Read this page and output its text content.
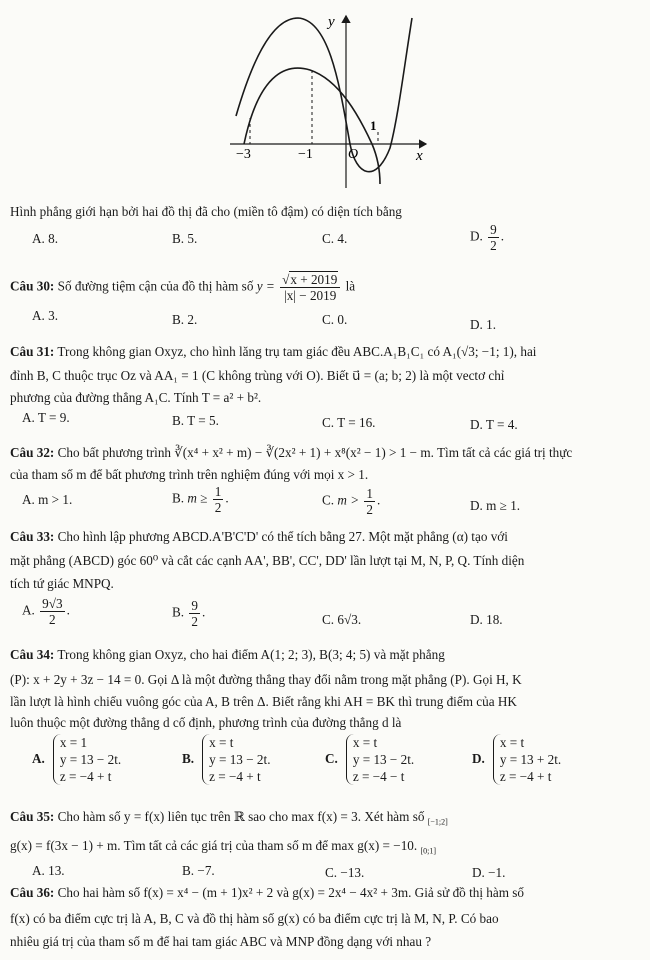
y
x
O
−3	−1
1
Hình phẳng giới hạn bởi hai đồ thị đã cho (miền tô đậm) có diện tích bằng
A. 8.	B. 5.	C. 4.	D. $\frac{9}{2}$ .
Câu 30: Số đường tiệm cận của đồ thị hàm số $y = \frac{√x + 2019}{|x| - 2019}$ là
A. 3.	B. 2.	C. 0.	D. 1.
Câu 31: Trong không gian Oxyz, cho hình lăng trụ tam giác đều ABC.A₁B₁C₁ có A₁(√3; −1; 1), hai
đỉnh B, C thuộc trục Oz và AA₁ = 1 (C không trùng với O). Biết u⃗ = (a; b; 2) là một vectơ chỉ
phương của đường thẳng A₁C. Tính T = a² + b².
A. T = 9.	B. T = 5.	C. T = 16.	D. T = 4.
Câu 32: Cho bất phương trình ∛(x⁴ + x² + m) − ∛(2x² + 1) + x⁸(x² − 1) > 1 − m. Tìm tất cả các giá trị thực
của tham số m để bất phương trình trên nghiệm đúng với mọi x > 1.
A. m > 1.	B. $m \ge \frac{1}{2}$ .	C. $m > \frac{1}{2}$ .	D. m ≥ 1.
Câu 33: Cho hình lập phương ABCD.A'B'C'D' có thể tích bằng 27. Một mặt phẳng (α) tạo với
mặt phẳng (ABCD) góc 60⁰ và cắt các cạnh AA', BB', CC', DD' lần lượt tại M, N, P, Q. Tính diện
tích tứ giác MNPQ.
A. $\frac{9√3}{2}$ .	B. $\frac{9}{2}$ .	C. 6√3.	D. 18.
Câu 34: Trong không gian Oxyz, cho hai điểm A(1; 2; 3), B(3; 4; 5) và mặt phẳng
(P): x + 2y + 3z − 14 = 0. Gọi Δ là một đường thẳng thay đổi nằm trong mặt phẳng (P). Gọi H, K
lần lượt là hình chiếu vuông góc của A, B trên Δ. Biết rằng khi AH = BK thì trung điểm của HK
luôn thuộc một đường thẳng d cố định, phương trình của đường thẳng d là
A.
x = 1
y = 13 − 2t.
z = −4 + t
B.
x = t
y = 13 − 2t.
z = −4 + t
C.
x = t
y = 13 − 2t.
z = −4 − t
D.
x = t
y = 13 + 2t.
z = −4 + t
Câu 35: Cho hàm số y = f(x) liên tục trên ℝ sao cho max f(x) = 3. Xét hàm số $_{[-1;2]}$
g(x) = f(3x − 1) + m. Tìm tất cả các giá trị của tham số m để max g(x) = −10. $_{[0;1]}$
A. 13.	B. −7.	C. −13.	D. −1.
Câu 36: Cho hai hàm số f(x) = x⁴ − (m + 1)x² + 2 và g(x) = 2x⁴ − 4x² + 3m. Giả sử đồ thị hàm số
f(x) có ba điểm cực trị là A, B, C và đồ thị hàm số g(x) có ba điểm cực trị là M, N, P. Có bao
nhiêu giá trị của tham số m để hai tam giác ABC và MNP đồng dạng với nhau ?
